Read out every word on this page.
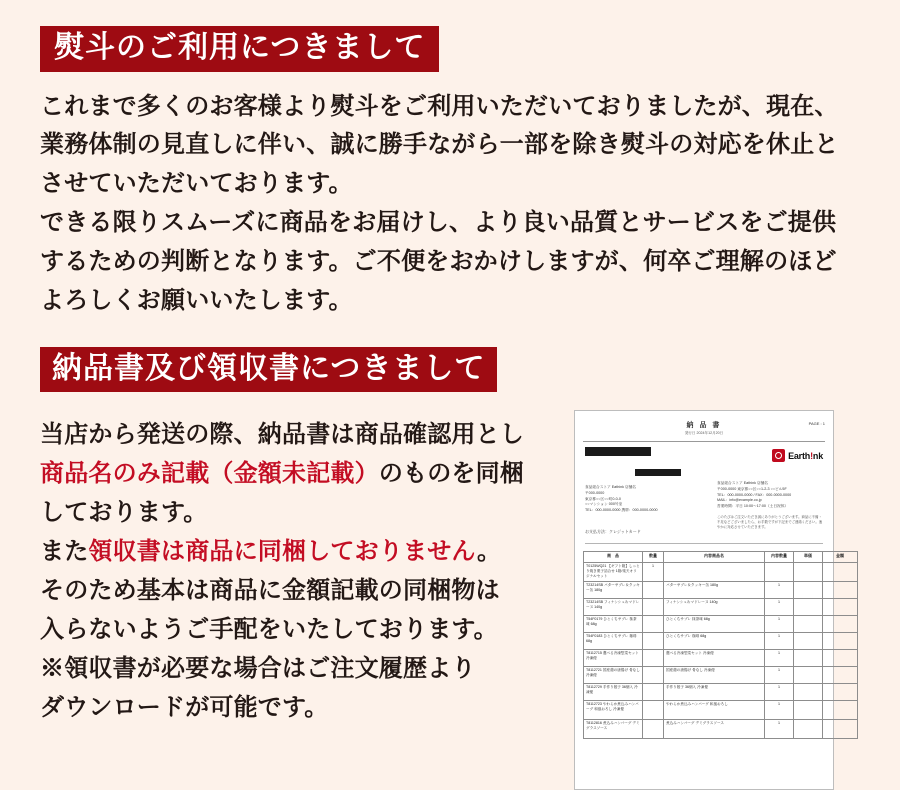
熨斗のご利用につきまして

これまで多くのお客様より熨斗をご利用いただいておりましたが、現在、

業務体制の見直しに伴い、誠に勝手ながら一部を除き熨斗の対応を休止と

させていただいております。

できる限りスムーズに商品をお届けし、より良い品質とサービスをご提供

するための判断となります。ご不便をおかけしますが、何卒ご理解のほど

よろしくお願いいたします。

納品書及び領収書につきまして

当店から発送の際、納品書は商品確認用とし

商品名のみ記載（金額未記載）のものを同梱

しております。

また領収書は商品に同梱しておりません。

そのため基本は商品に金額記載の同梱物は

入らないようご手配をいたしております。

※領収書が必要な場合はご注文履歴より

ダウンロードが可能です。

PAGE : 1
納 品 書
発行日 2024年12月20日
Earth!nk
食品総合ストア Eathink 店舗名
〒000-0000
東京都○○区○○町0-0-0
○○マンション 000号室
TEL：000-0000-0000 携帯：000-0000-0000
食品総合ストア Eathink 店舗名
〒000-0000 東京都○○区○○1-2-3 ○○ビル5F
TEL：000-0000-0000 / FAX：000-0000-0000
MAIL：info@example.co.jp
営業時間：平日 10:00～17:00（土日祝休）
お支払方法：クレジットカード
このたびはご注文いただき誠にありがとうございます。商品に不備・不足などございましたら、お手数ですが下記までご連絡ください。速やかに対応させていただきます。
商　品	数量	内容商品名	内容数量	単価	金額
T0125WQ21 【ギフト箱】しっとり焼き菓子詰合せ 1箱/楽天オリジナルセット	1				
T23214SB バターサブレ＆クッキー缶 180g		バターサブレ＆クッキー缶 180g	1		
T23214SB フィナンシェ＆マドレーヌ 140g		フィナンシェ＆マドレーヌ 140g	1		
T54F0179 ひとくちサブレ 抹茶味 68g		ひとくちサブレ 抹茶味 68g	1		
T54F0183 ひとくちサブレ 珈琲 68g		ひとくちサブレ 珈琲 68g	1		
T8112715 選べる冷凍惣菜セット 冷凍便		選べる冷凍惣菜セット 冷凍便	1		
T8112721 国産鶏の唐揚げ 骨なし 冷凍便		国産鶏の唐揚げ 骨なし 冷凍便	1		
T8112729 手作り餃子 36個入 冷凍便		手作り餃子 36個入 冷凍便	1		
T8112723 やわらか煮込みハンバーグ 和風おろし 冷凍便		やわらか煮込みハンバーグ 和風おろし	1		
T8112816 煮込みハンバーグ デミグラスソース		煮込みハンバーグ デミグラスソース	1		
